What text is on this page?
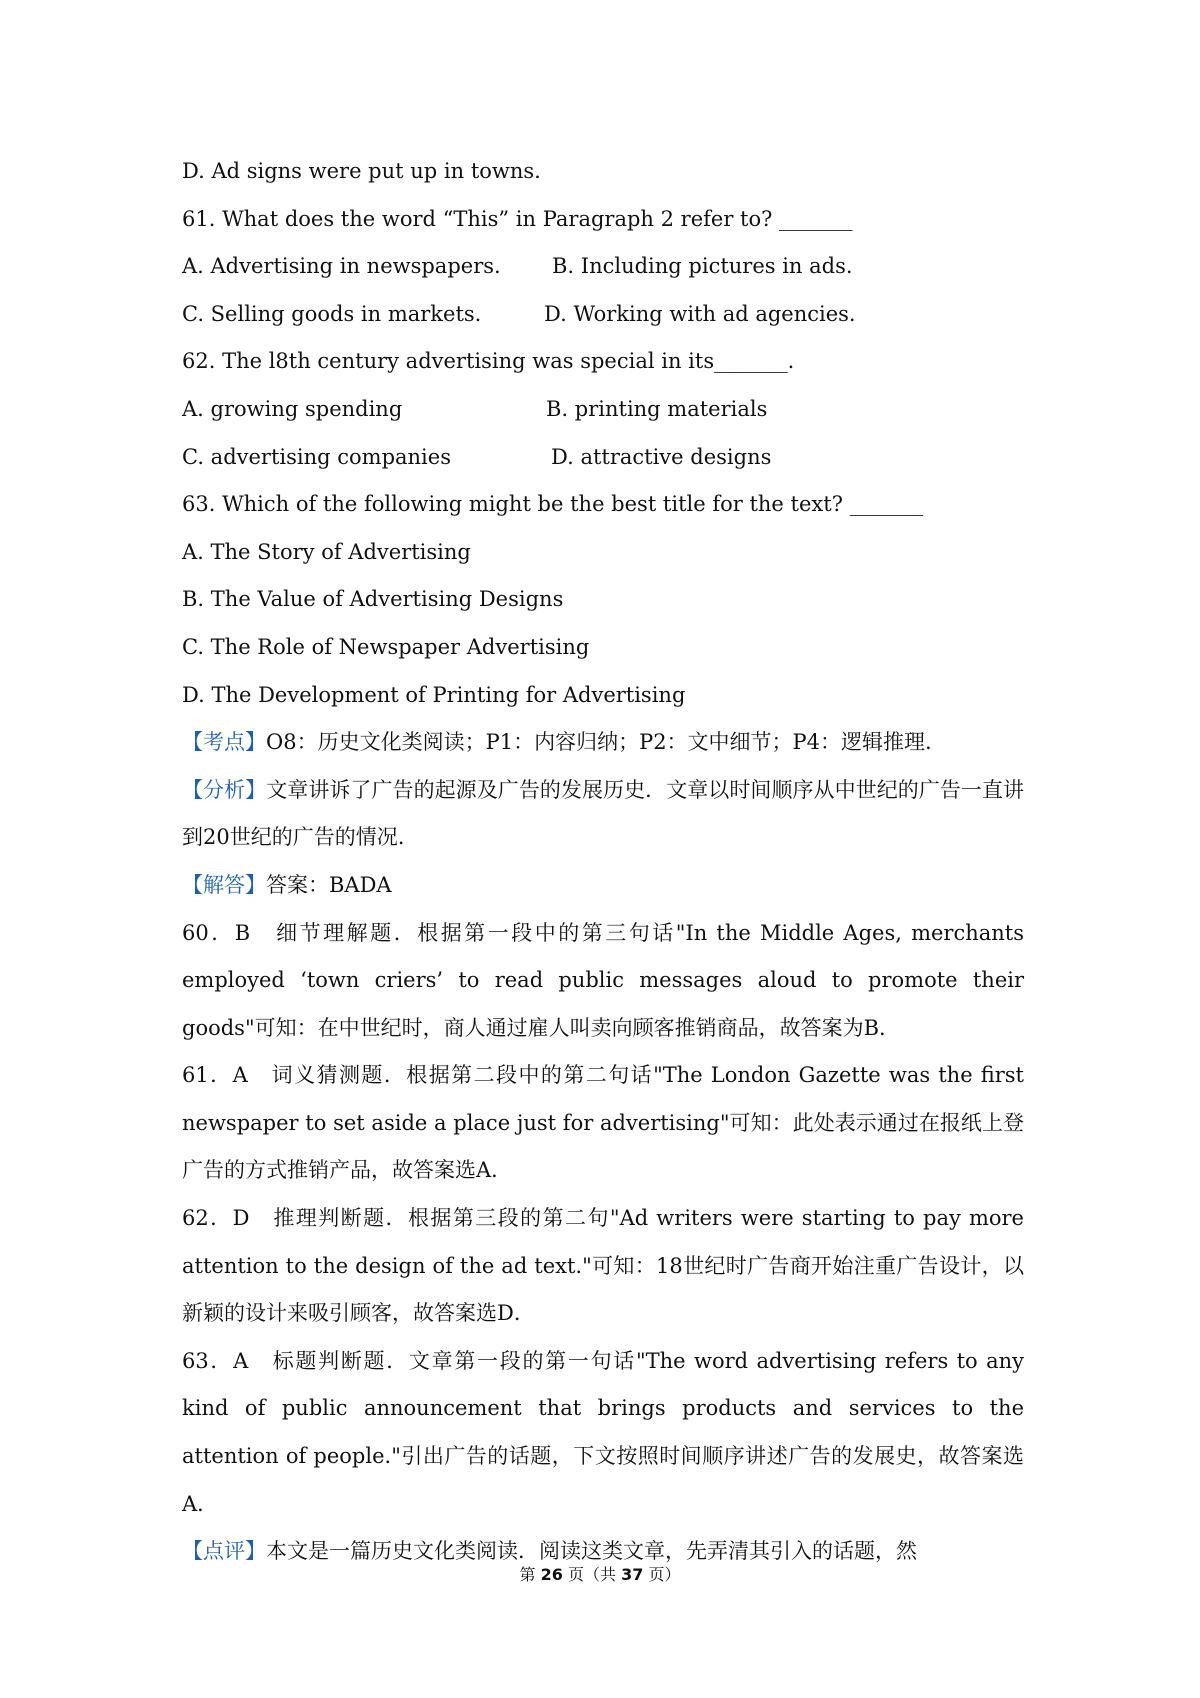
D. Ad signs were put up in towns.
61. What does the word “This” in Paragraph 2 refer to? _______
A. Advertising in newspapers. B. Including pictures in ads.
C. Selling goods in markets.	D. Working with ad agencies.
62. The l8th century advertising was special in its_______.
A. growing spending	B. printing materials
C. advertising companies	D. attractive designs
63. Which of the following might be the best title for the text? _______
A. The Story of Advertising
B. The Value of Advertising Designs
C. The Role of Newspaper Advertising
D. The Development of Printing for Advertising
【考点】O8：历史文化类阅读；P1：内容归纳；P2：文中细节；P4：逻辑推理.
【分析】文章讲诉了广告的起源及广告的发展历史．文章以时间顺序从中世纪的广告一直讲到20世纪的广告的情况.
【解答】答案：BADA
60．B　细节理解题．根据第一段中的第三句话"In the Middle Ages, merchants employed ‘town criers’ to read public messages aloud to promote their goods"可知：在中世纪时，商人通过雇人叫卖向顾客推销商品，故答案为B．
61．A　词义猜测题．根据第二段中的第二句话"The London Gazette was the first newspaper to set aside a place just for advertising"可知：此处表示通过在报纸上登广告的方式推销产品，故答案选A．
62．D　推理判断题．根据第三段的第二句"Ad writers were starting to pay more attention to the design of the ad text."可知：18世纪时广告商开始注重广告设计，以新颖的设计来吸引顾客，故答案选D．
63．A　标题判断题．文章第一段的第一句话"The word advertising refers to any kind of public announcement that brings products and services to the attention of people."引出广告的话题，下文按照时间顺序讲述广告的发展史，故答案选A．
【点评】本文是一篇历史文化类阅读．阅读这类文章，先弄清其引入的话题，然
第 26 页（共 37 页）
